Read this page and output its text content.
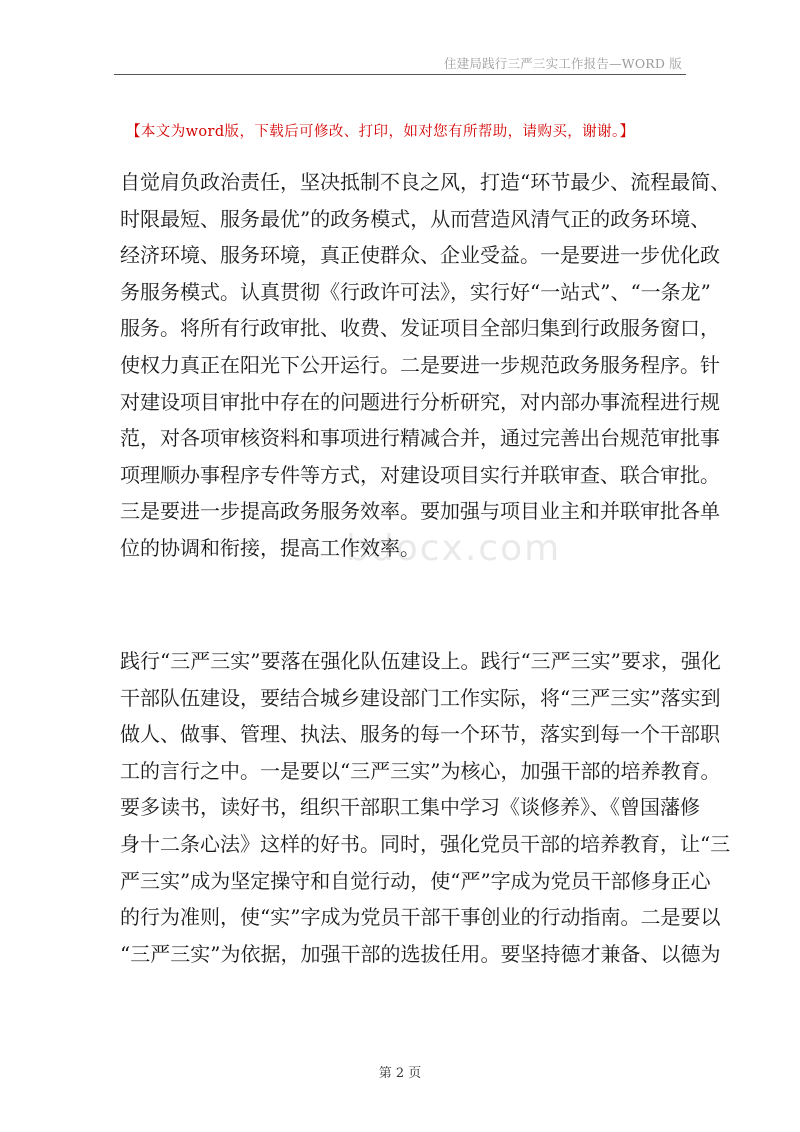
住建局践行三严三实工作报告—WORD 版
【本文为word版，下载后可修改、打印，如对您有所帮助，请购买，谢谢。】
bdocx.com
自觉肩负政治责任，坚决抵制不良之风，打造“环节最少、流程最简、
时限最短、服务最优”的政务模式，从而营造风清气正的政务环境、
经济环境、服务环境，真正使群众、企业受益。一是要进一步优化政
务服务模式。认真贯彻《行政许可法》，实行好“一站式”、“一条龙”
服务。将所有行政审批、收费、发证项目全部归集到行政服务窗口，
使权力真正在阳光下公开运行。二是要进一步规范政务服务程序。针
对建设项目审批中存在的问题进行分析研究，对内部办事流程进行规
范，对各项审核资料和事项进行精减合并，通过完善出台规范审批事
项理顺办事程序专件等方式，对建设项目实行并联审查、联合审批。
三是要进一步提高政务服务效率。要加强与项目业主和并联审批各单
位的协调和衔接，提高工作效率。
践行“三严三实”要落在强化队伍建设上。践行“三严三实”要求，强化
干部队伍建设，要结合城乡建设部门工作实际，将“三严三实”落实到
做人、做事、管理、执法、服务的每一个环节，落实到每一个干部职
工的言行之中。一是要以“三严三实”为核心，加强干部的培养教育。
要多读书，读好书，组织干部职工集中学习《谈修养》、《曾国藩修
身十二条心法》这样的好书。同时，强化党员干部的培养教育，让“三
严三实”成为坚定操守和自觉行动，使“严”字成为党员干部修身正心
的行为准则，使“实”字成为党员干部干事创业的行动指南。二是要以
“三严三实”为依据，加强干部的选拔任用。要坚持德才兼备、以德为
第 2 页
